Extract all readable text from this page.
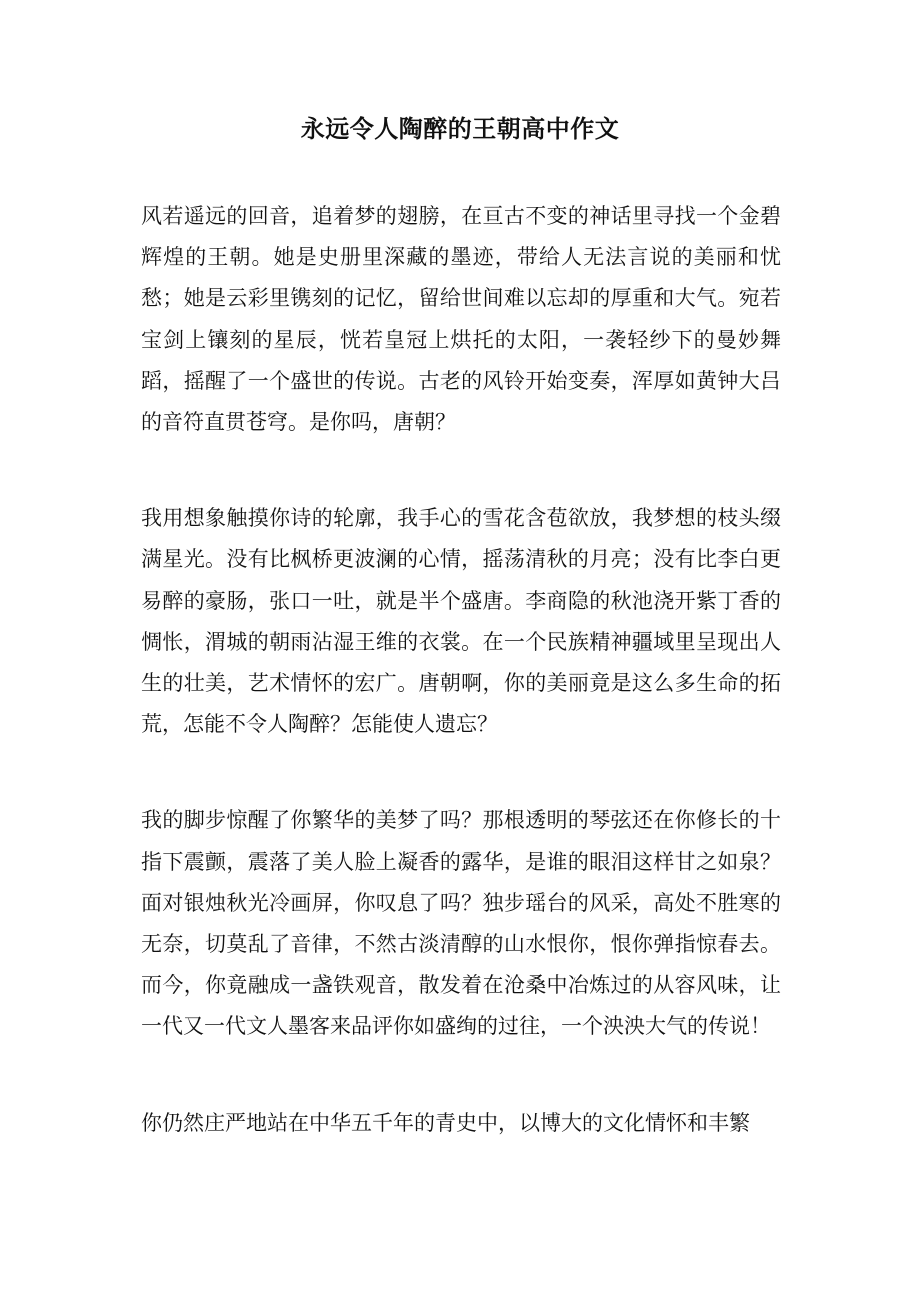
永远令人陶醉的王朝高中作文

风若遥远的回音，追着梦的翅膀，在亘古不变的神话里寻找一个金碧辉煌的王朝。她是史册里深藏的墨迹，带给人无法言说的美丽和忧愁；她是云彩里镌刻的记忆，留给世间难以忘却的厚重和大气。宛若宝剑上镶刻的星辰，恍若皇冠上烘托的太阳，一袭轻纱下的曼妙舞蹈，摇醒了一个盛世的传说。古老的风铃开始变奏，浑厚如黄钟大吕的音符直贯苍穹。是你吗，唐朝？

我用想象触摸你诗的轮廓，我手心的雪花含苞欲放，我梦想的枝头缀满星光。没有比枫桥更波澜的心情，摇荡清秋的月亮；没有比李白更易醉的豪肠，张口一吐，就是半个盛唐。李商隐的秋池浇开紫丁香的惆怅，渭城的朝雨沾湿王维的衣裳。在一个民族精神疆域里呈现出人生的壮美，艺术情怀的宏广。唐朝啊，你的美丽竟是这么多生命的拓荒，怎能不令人陶醉？怎能使人遗忘？

我的脚步惊醒了你繁华的美梦了吗？那根透明的琴弦还在你修长的十指下震颤，震落了美人脸上凝香的露华，是谁的眼泪这样甘之如泉？面对银烛秋光冷画屏，你叹息了吗？独步瑶台的风采，高处不胜寒的无奈，切莫乱了音律，不然古淡清醇的山水恨你，恨你弹指惊春去。而今，你竟融成一盏铁观音，散发着在沧桑中冶炼过的从容风味，让一代又一代文人墨客来品评你如盛绚的过往，一个泱泱大气的传说！

你仍然庄严地站在中华五千年的青史中，以博大的文化情怀和丰繁
